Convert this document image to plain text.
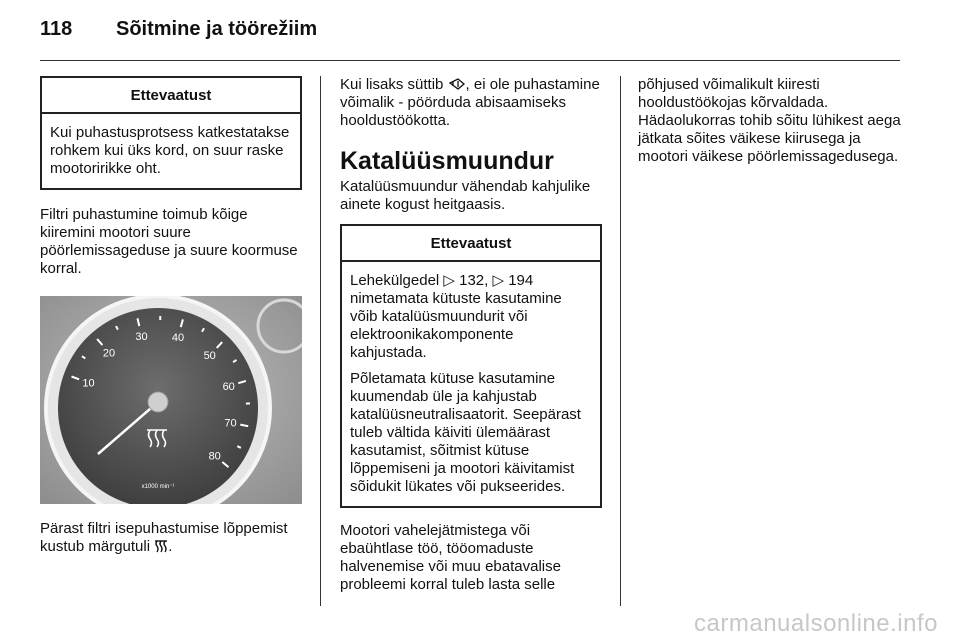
118 Sõitmine ja töörežiim
Ettevaatust

Kui puhastusprotsess katkestatakse rohkem kui üks kord, on suur raske mootoririkke oht.

Filtri puhastumine toimub kõige kiiremini mootori suure pöörlemissageduse ja suure koormuse korral.

10
20
30 40
50
60
70
80
x1000 min⁻¹

Pärast filtri isepuhastumise lõppemist kustub märgutuli .

Kui lisaks süttib , ei ole puhastamine võimalik - pöörduda abisaamiseks hooldustöökotta.

Katalüüsmuundur

Katalüüsmuundur vähendab kahjulike ainete kogust heitgaasis.

Ettevaatust

Lehekülgedel ▷ 132, ▷ 194 nimetamata kütuste kasutamine võib katalüüsmuundurit või elektroonikakomponente kahjustada.

Põletamata kütuse kasutamine kuumendab üle ja kahjustab katalüüsneutralisaatorit. Seepärast tuleb vältida käiviti ülemäärast kasutamist, sõitmist kütuse lõppemiseni ja mootori käivitamist sõidukit lükates või pukseerides.

Mootori vahelejätmistega või ebaühtlase töö, tööomaduste halvenemise või muu ebatavalise probleemi korral tuleb lasta selle

põhjused võimalikult kiiresti hooldustöökojas kõrvaldada. Hädaolukorras tohib sõitu lühikest aega jätkata sõites väikese kiirusega ja mootori väikese pöörlemissagedusega.

carmanualsonline.info
